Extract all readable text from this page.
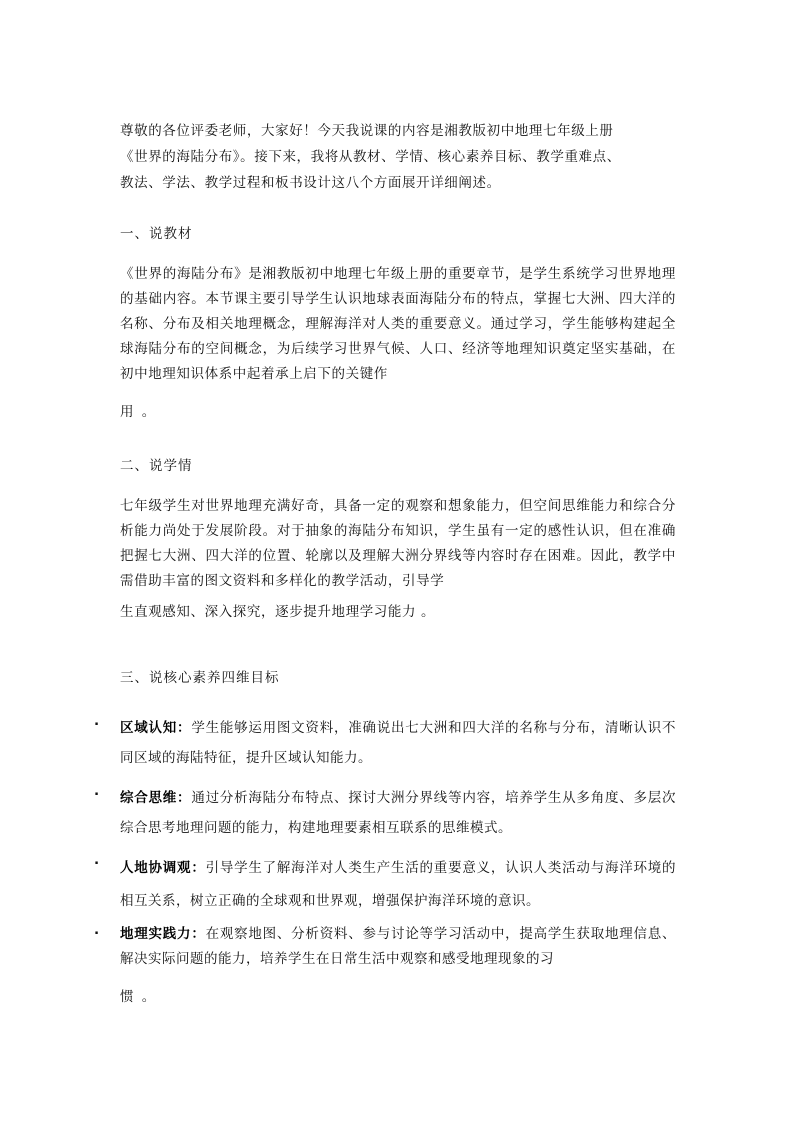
尊敬的各位评委老师，大家好！今天我说课的内容是湘教版初中地理七年级上册

《世界的海陆分布》。接下来，我将从教材、学情、核心素养目标、教学重难点、

教法、学法、教学过程和板书设计这八个方面展开详细阐述。

一、说教材

《世界的海陆分布》是湘教版初中地理七年级上册的重要章节，是学生系统学习世界地理的基础内容。本节课主要引导学生认识地球表面海陆分布的特点，掌握七大洲、四大洋的名称、分布及相关地理概念，理解海洋对人类的重要意义。通过学习，学生能够构建起全球海陆分布的空间概念，为后续学习世界气候、人口、经济等地理知识奠定坚实基础，在初中地理知识体系中起着承上启下的关键作

用 。
二、说学情

七年级学生对世界地理充满好奇，具备一定的观察和想象能力，但空间思维能力和综合分析能力尚处于发展阶段。对于抽象的海陆分布知识，学生虽有一定的感性认识，但在准确把握七大洲、四大洋的位置、轮廓以及理解大洲分界线等内容时存在困难。因此，教学中需借助丰富的图文资料和多样化的教学活动，引导学

生直观感知、深入探究，逐步提升地理学习能力 。

三、说核心素养四维目标
.	区域认知：学生能够运用图文资料，准确说出七大洲和四大洋的名称与分布，清晰认识不同区域的海陆特征，提升区域认知能力。

.	综合思维：通过分析海陆分布特点、探讨大洲分界线等内容，培养学生从多角度、多层次综合思考地理问题的能力，构建地理要素相互联系的思维模式。

.	人地协调观：引导学生了解海洋对人类生产生活的重要意义，认识人类活动与海洋环境的相互关系，树立正确的全球观和世界观，增强保护海洋环境的意识。

.	地理实践力：在观察地图、分析资料、参与讨论等学习活动中，提高学生获取地理信息、解决实际问题的能力，培养学生在日常生活中观察和感受地理现象的习

惯 。
